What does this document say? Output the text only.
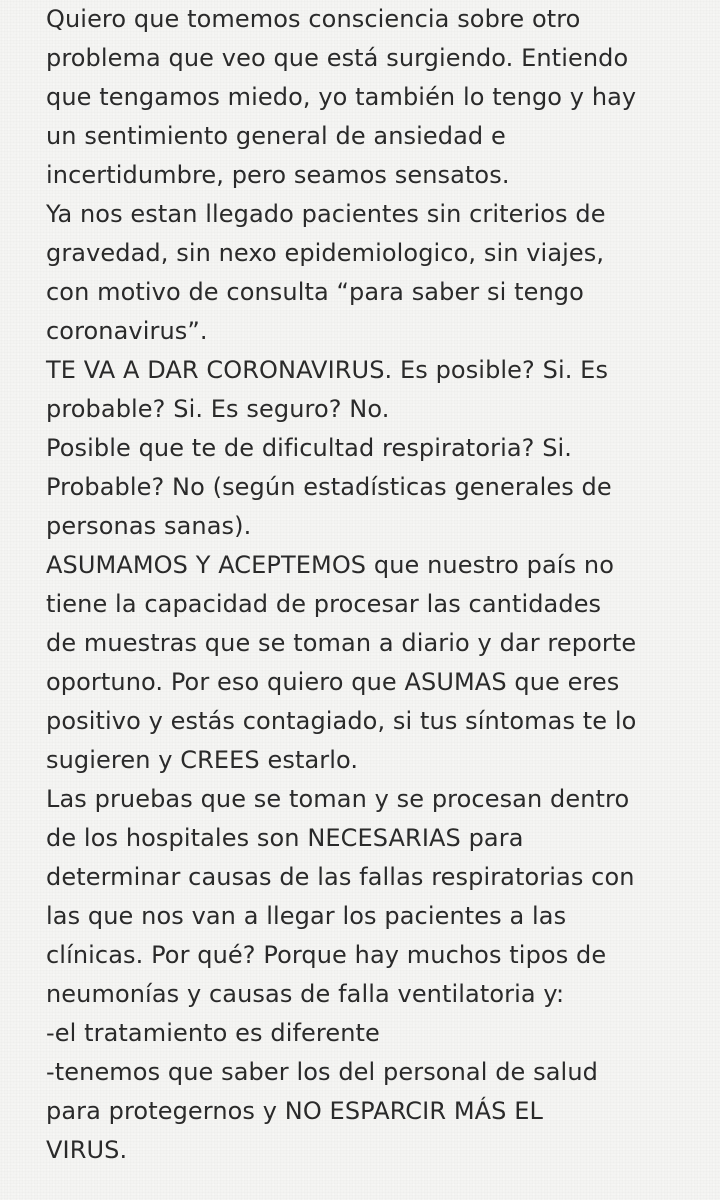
Quiero que tomemos consciencia sobre otro
problema que veo que está surgiendo. Entiendo
que tengamos miedo, yo también lo tengo y hay
un sentimiento general de ansiedad e
incertidumbre, pero seamos sensatos.
Ya nos estan llegado pacientes sin criterios de
gravedad, sin nexo epidemiologico, sin viajes,
con motivo de consulta “para saber si tengo
coronavirus”.
TE VA A DAR CORONAVIRUS. Es posible? Si. Es
probable? Si. Es seguro? No.
Posible que te de dificultad respiratoria? Si.
Probable? No (según estadísticas generales de
personas sanas).
ASUMAMOS Y ACEPTEMOS que nuestro país no
tiene la capacidad de procesar las cantidades
de muestras que se toman a diario y dar reporte
oportuno. Por eso quiero que ASUMAS que eres
positivo y estás contagiado, si tus síntomas te lo
sugieren y CREES estarlo.
Las pruebas que se toman y se procesan dentro
de los hospitales son NECESARIAS para
determinar causas de las fallas respiratorias con
las que nos van a llegar los pacientes a las
clínicas. Por qué? Porque hay muchos tipos de
neumonías y causas de falla ventilatoria y:
-el tratamiento es diferente
-tenemos que saber los del personal de salud
para protegernos y NO ESPARCIR MÁS EL
VIRUS.
